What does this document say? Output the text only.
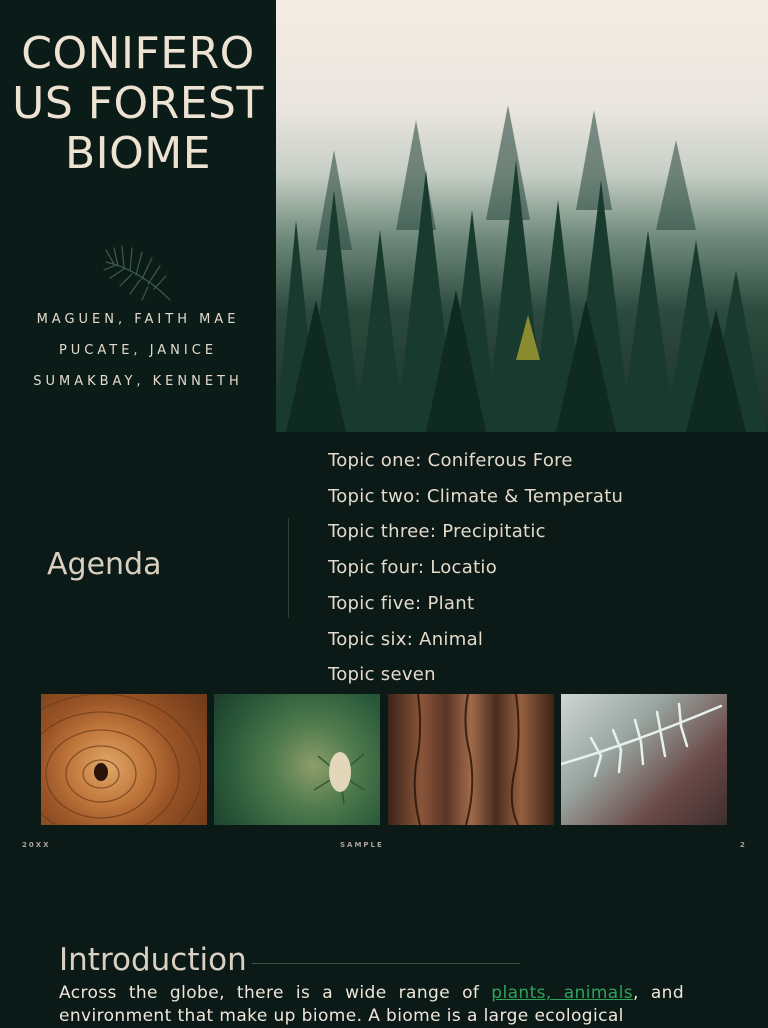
CONIFERO
US FOREST
BIOME
MAGUEN, FAITH MAE
PUCATE, JANICE
SUMAKBAY, KENNETH
Agenda
Topic one: Coniferous Fore
Topic two: Climate & Temperatu
Topic three: Precipitatic
Topic four: Locatio
Topic five: Plant
Topic six: Animal
Topic seven
20XX	SAMPLE	2
Introduction
Across the globe, there is a wide range of plants, animals, and environment that make up biome. A biome is a large ecological
